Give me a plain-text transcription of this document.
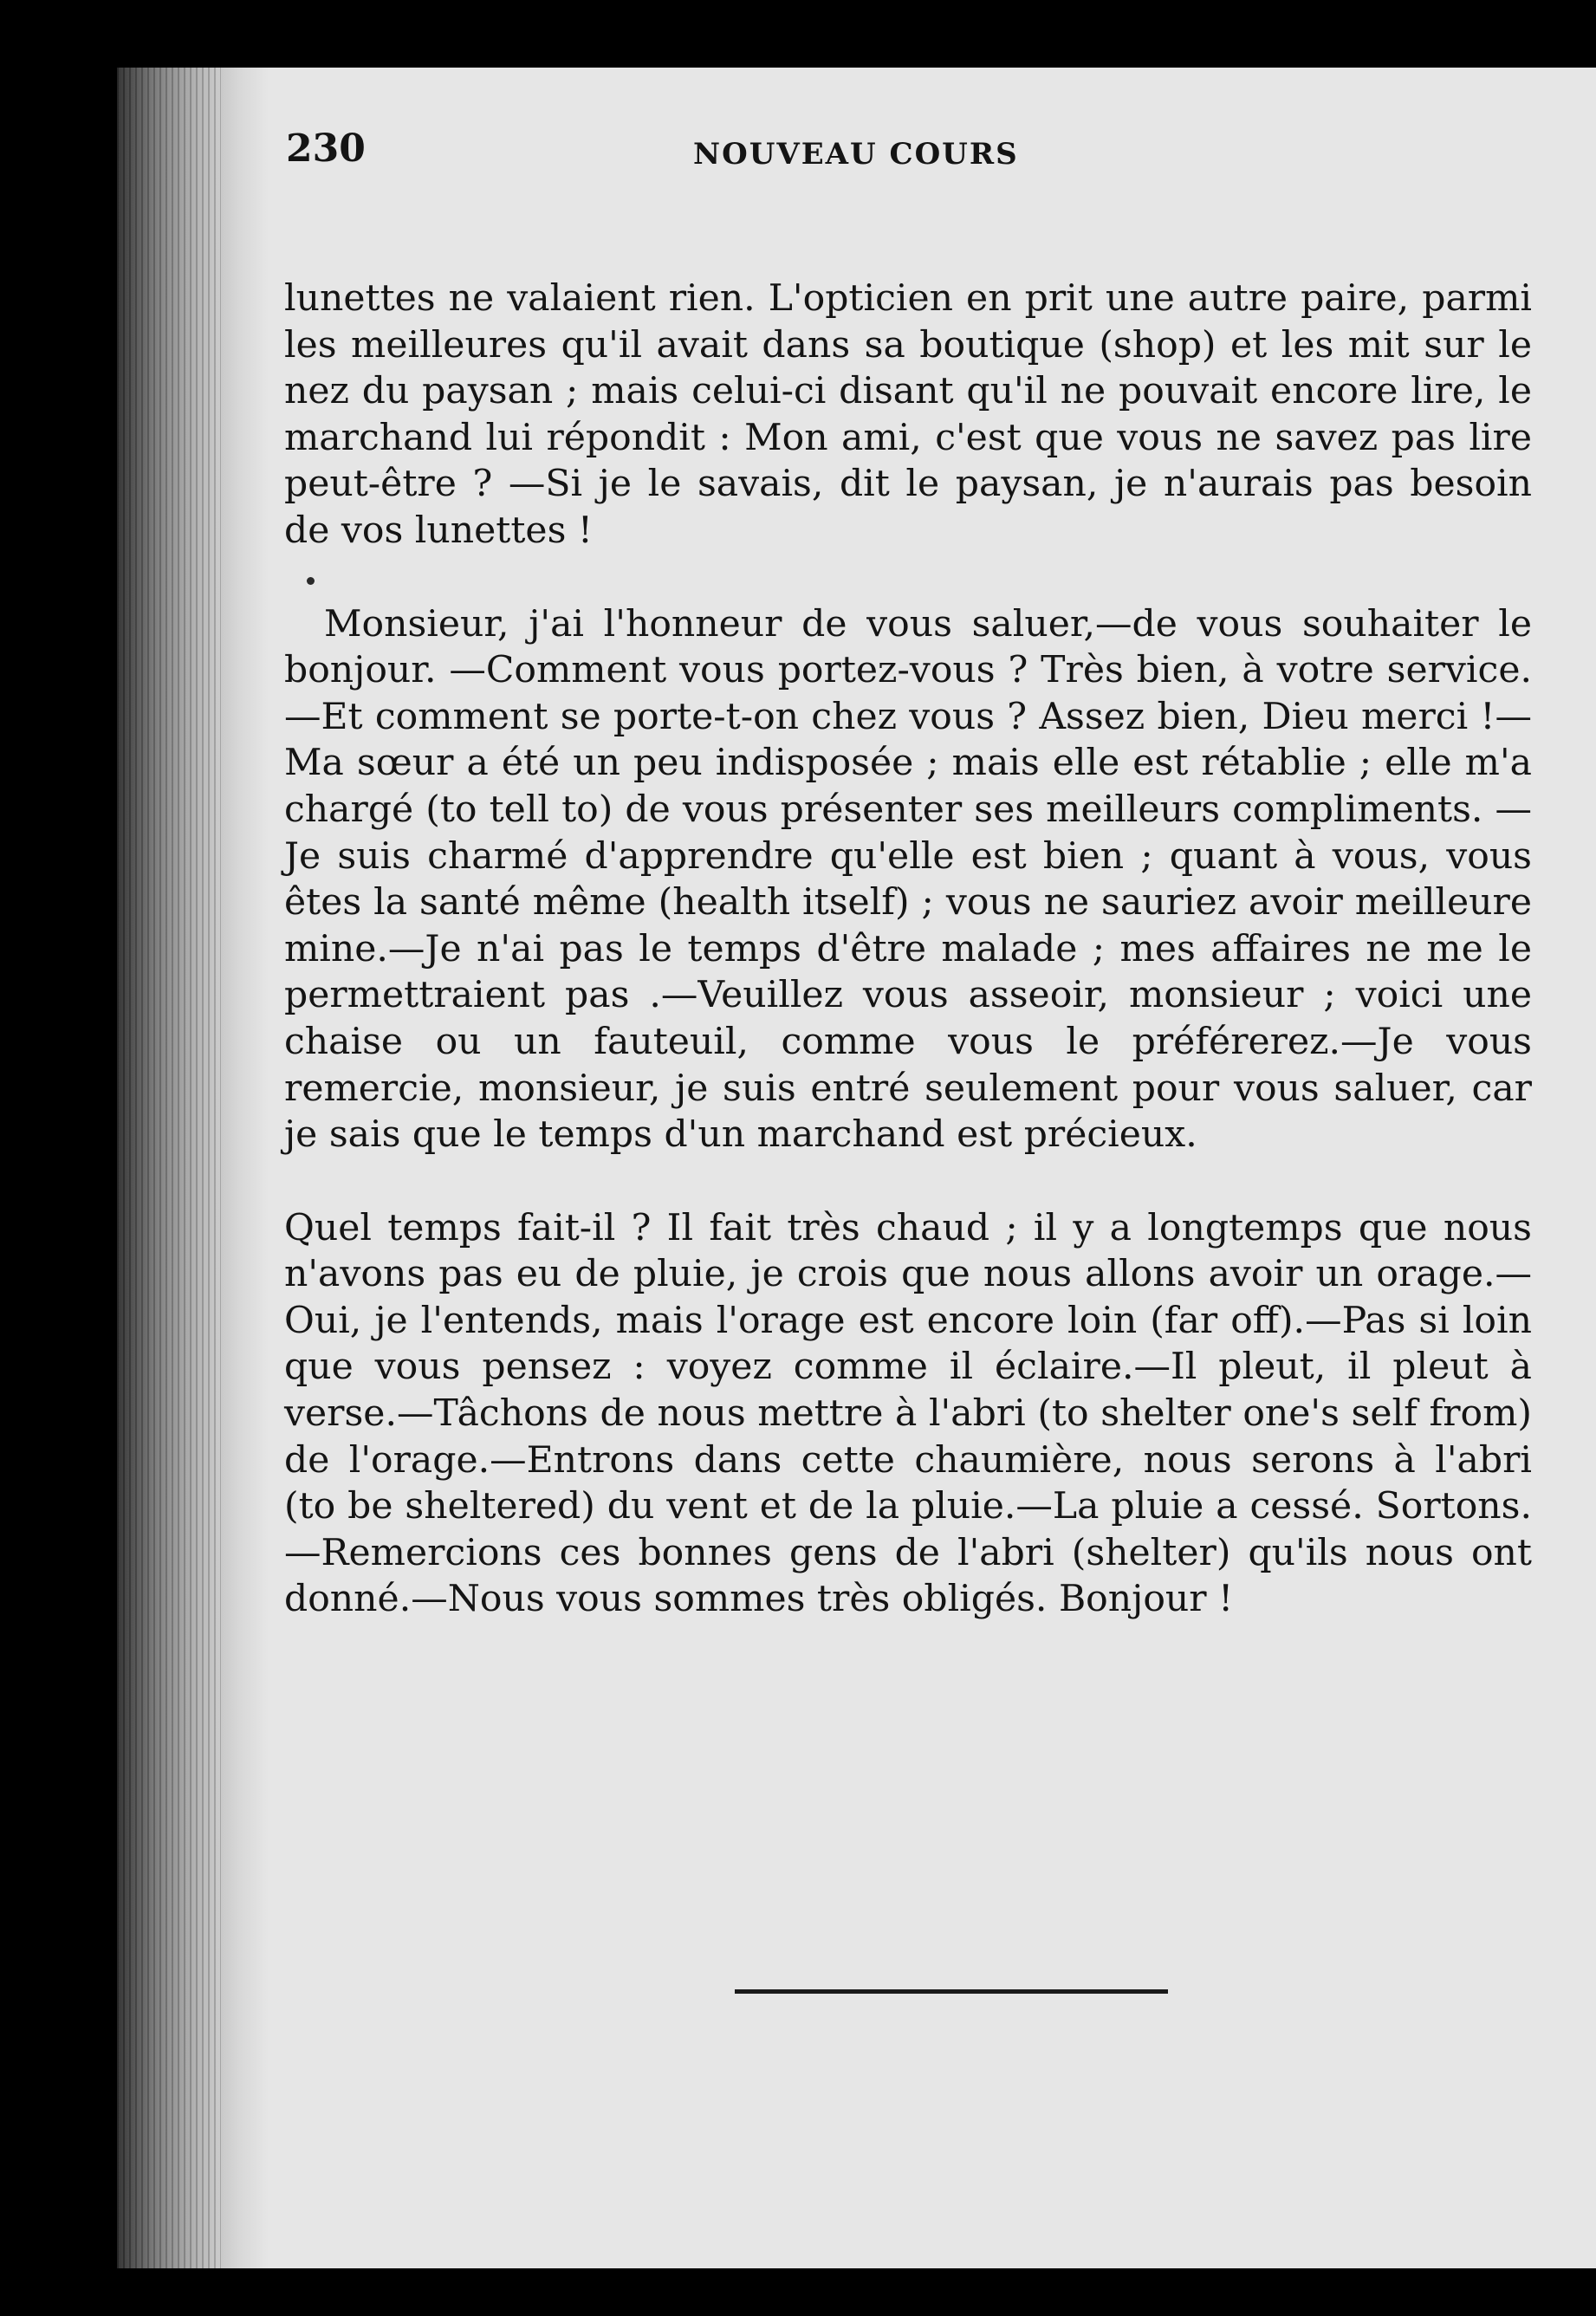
230	NOUVEAU COURS

lunettes ne valaient rien. L'opticien en prit une autre paire, parmi les meilleures qu'il avait dans sa boutique (shop) et les mit sur le nez du paysan ; mais celui-ci disant qu'il ne pouvait encore lire, le marchand lui répondit : Mon ami, c'est que vous ne savez pas lire peut-être ? —Si je le savais, dit le paysan, je n'aurais pas besoin de vos lunettes !

Monsieur, j'ai l'honneur de vous saluer,—de vous souhaiter le bonjour. —Comment vous portez-vous ? Très bien, à votre service.—Et comment se porte-t-on chez vous ? Assez bien, Dieu merci !—Ma sœur a été un peu indisposée ; mais elle est rétablie ; elle m'a chargé (to tell to) de vous présenter ses meilleurs compliments. —Je suis charmé d'apprendre qu'elle est bien ; quant à vous, vous êtes la santé même (health itself) ; vous ne sauriez avoir meilleure mine.—Je n'ai pas le temps d'être malade ; mes affaires ne me le permettraient pas .—Veuillez vous asseoir, monsieur ; voici une chaise ou un fauteuil, comme vous le préférerez.—Je vous remercie, monsieur, je suis entré seulement pour vous saluer, car je sais que le temps d'un marchand est précieux.

Quel temps fait-il ? Il fait très chaud ; il y a longtemps que nous n'avons pas eu de pluie, je crois que nous allons avoir un orage.—Oui, je l'entends, mais l'orage est encore loin (far off).—Pas si loin que vous pensez : voyez comme il éclaire.—Il pleut, il pleut à verse.—Tâchons de nous mettre à l'abri (to shelter one's self from) de l'orage.—Entrons dans cette chaumière, nous serons à l'abri (to be sheltered) du vent et de la pluie.—La pluie a cessé. Sortons.—Remercions ces bonnes gens de l'abri (shelter) qu'ils nous ont donné.—Nous vous sommes très obligés. Bonjour !
